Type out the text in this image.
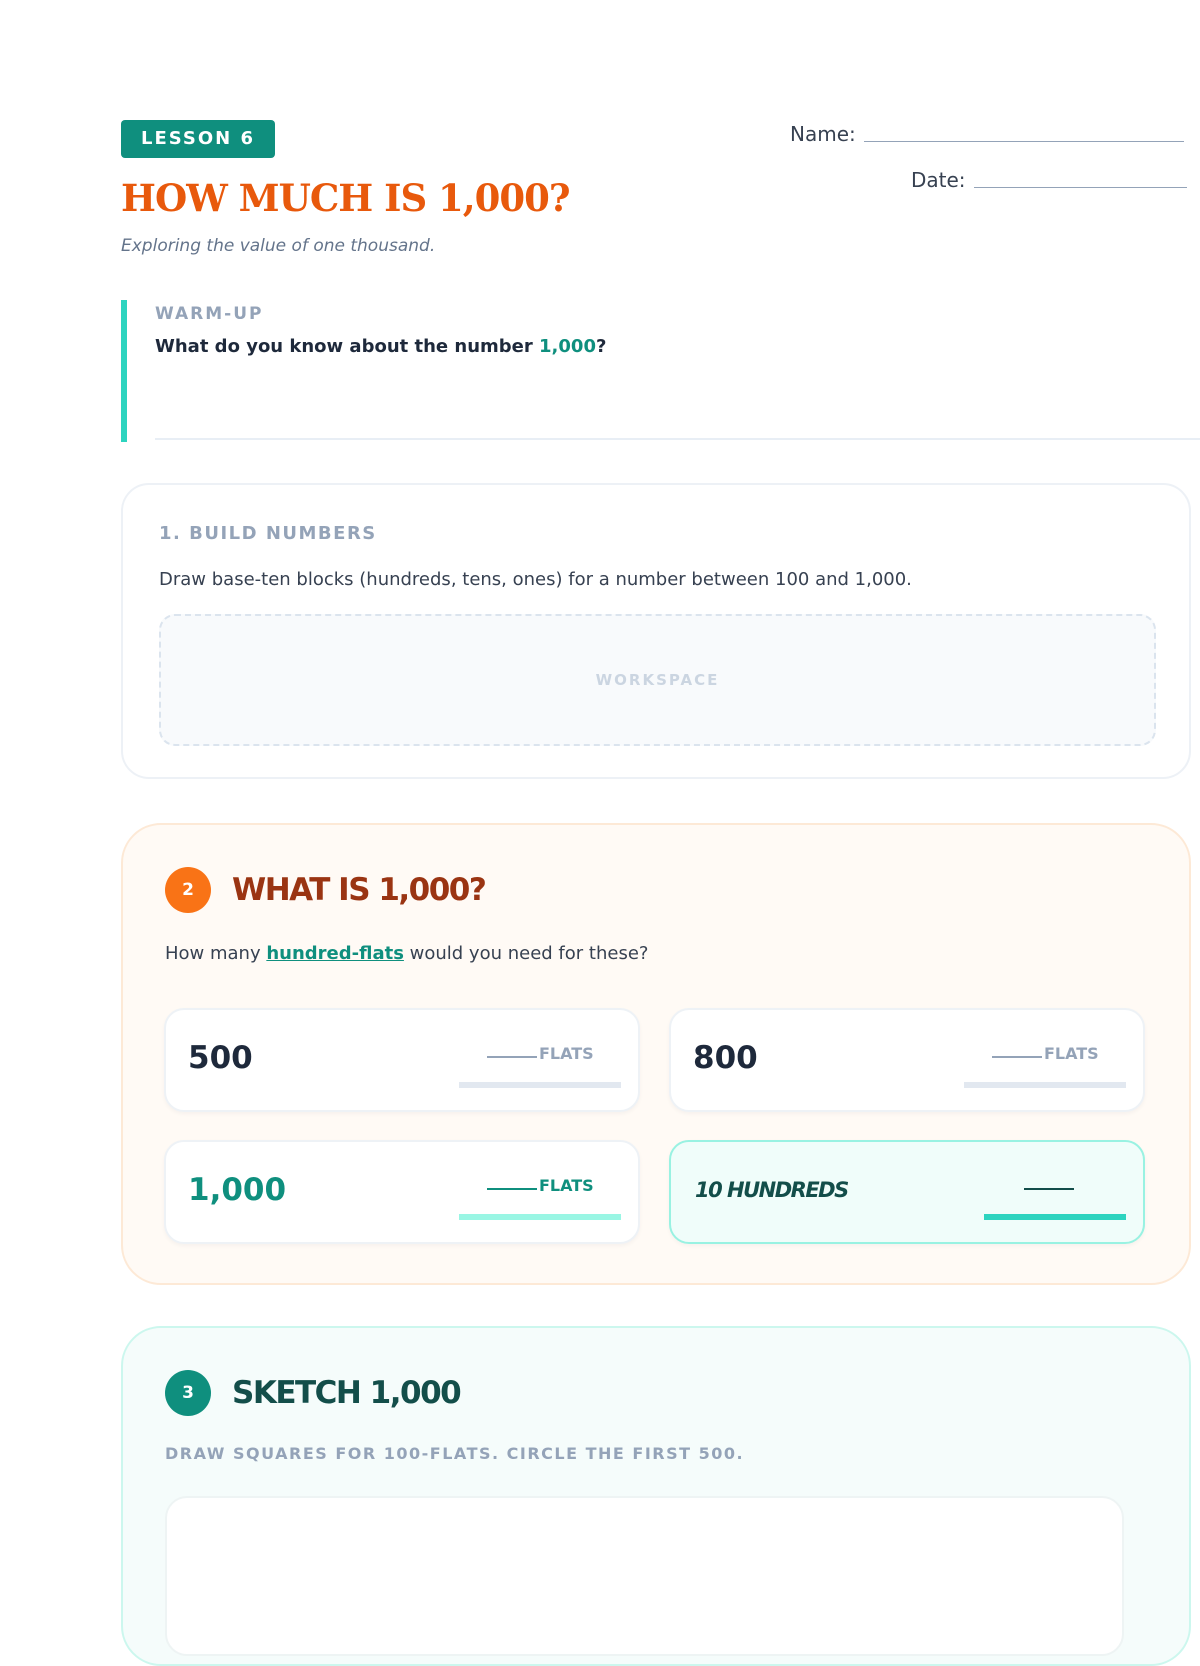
LESSON 6
HOW MUCH IS 1,000?
Exploring the value of one thousand.
Name:
Date:
WARM-UP
What do you know about the number 1,000?
1. BUILD NUMBERS
Draw base-ten blocks (hundreds, tens, ones) for a number between 100 and 1,000.
WORKSPACE
2	WHAT IS 1,000?
How many hundred-flats would you need for these?
500	FLATS	800	FLATS
1,000	FLATS	10 HUNDREDS
3	SKETCH 1,000
DRAW SQUARES FOR 100-FLATS. CIRCLE THE FIRST 500.
